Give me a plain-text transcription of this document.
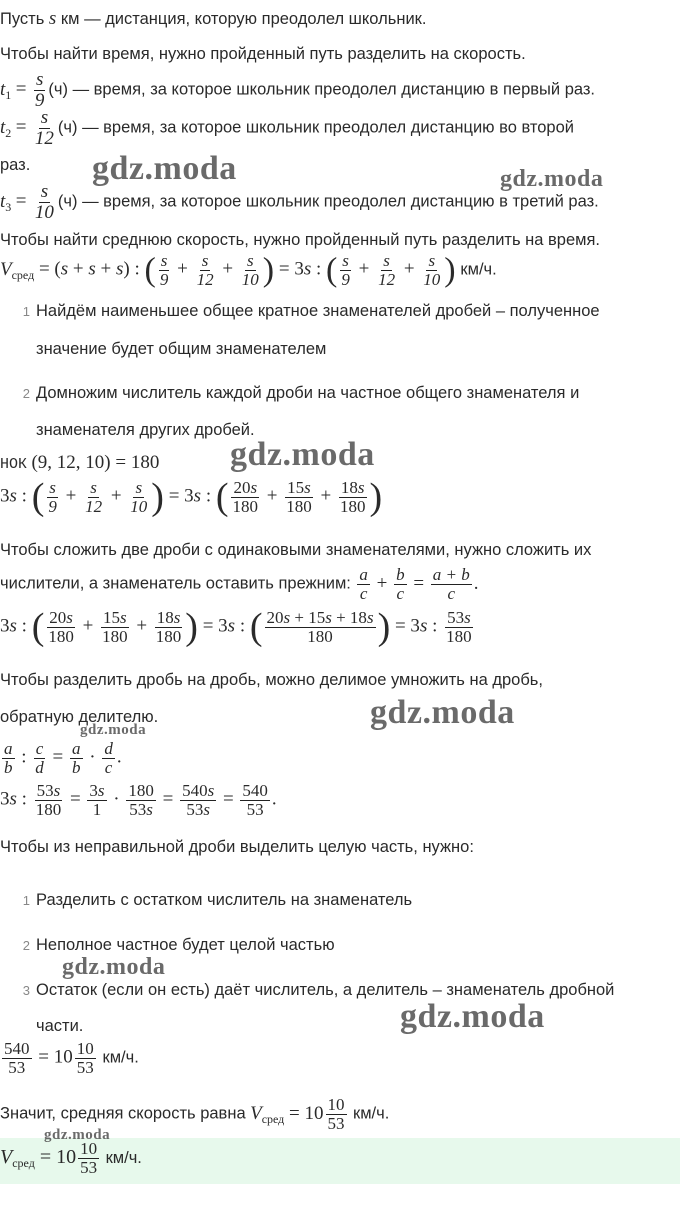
Пусть s км — дистанция, которую преодолел школьник.
Чтобы найти время, нужно пройденный путь разделить на скорость.
$t_1 = \frac{s}{9} (ч)$ — время, за которое школьник преодолел дистанцию в первый раз.
$t_2 = \frac{s}{12} (ч)$ — время, за которое школьник преодолел дистанцию во второй
раз.
$t_3 = \frac{s}{10} (ч)$ — время, за которое школьник преодолел дистанцию в третий раз.
Чтобы найти среднюю скорость, нужно пройденный путь разделить на время.
$V_{сред} = (s + s + s)$ : ( $\frac{s}{9} + \frac{s}{12} + \frac{s}{10}$ ) = 3s : ( $\frac{s}{9} + \frac{s}{12} + \frac{s}{10}$ ) км/ч.
1 Найдём наименьшее общее кратное знаменателей дробей – полученное
значение будет общим знаменателем
2 Домножим числитель каждой дроби на частное общего знаменателя и
знаменателя других дробей.
НОК (9, 12, 10) = 180
3s : ( $\frac{s}{9} + \frac{s}{12} + \frac{s}{10}$ ) = 3s : ( $\frac{20s}{180} + \frac{15s}{180} + \frac{18s}{180}$ )
Чтобы сложить две дроби с одинаковыми знаменателями, нужно сложить их
числители, а знаменатель оставить прежним: $\frac{a}{c} + \frac{b}{c} = \frac{a + b}{c}$ .
3s : ( $\frac{20s}{180} + \frac{15s}{180} + \frac{18s}{180}$ ) = 3s : ( $\frac{20s + 15s + 18s}{180}$ ) = 3s : $\frac{53s}{180}$
Чтобы разделить дробь на дробь, можно делимое умножить на дробь,
обратную делителю.
$\frac{a}{b}$ : $\frac{c}{d} = \frac{a}{b} \cdot \frac{d}{c}$ .
3s : $\frac{53s}{180} = \frac{3s}{1} \cdot \frac{180}{53s} = \frac{540s}{53s} = \frac{540}{53}$ .
Чтобы из неправильной дроби выделить целую часть, нужно:
1 Разделить с остатком числитель на знаменатель
2 Неполное частное будет целой частью
3 Остаток (если он есть) даёт числитель, а делитель – знаменатель дробной
части.
$\frac{540}{53} = 10 \frac{10}{53} км/ч$.
Значит, средняя скорость равна $V_{сред} = 10 \frac{10}{53} км/ч$.
$V_{сред} = 10 \frac{10}{53} км/ч$.
gdz.moda	gdz.moda
gdz.moda
gdz.moda
gdz.moda
gdz.moda
gdz.moda
gdz.moda
